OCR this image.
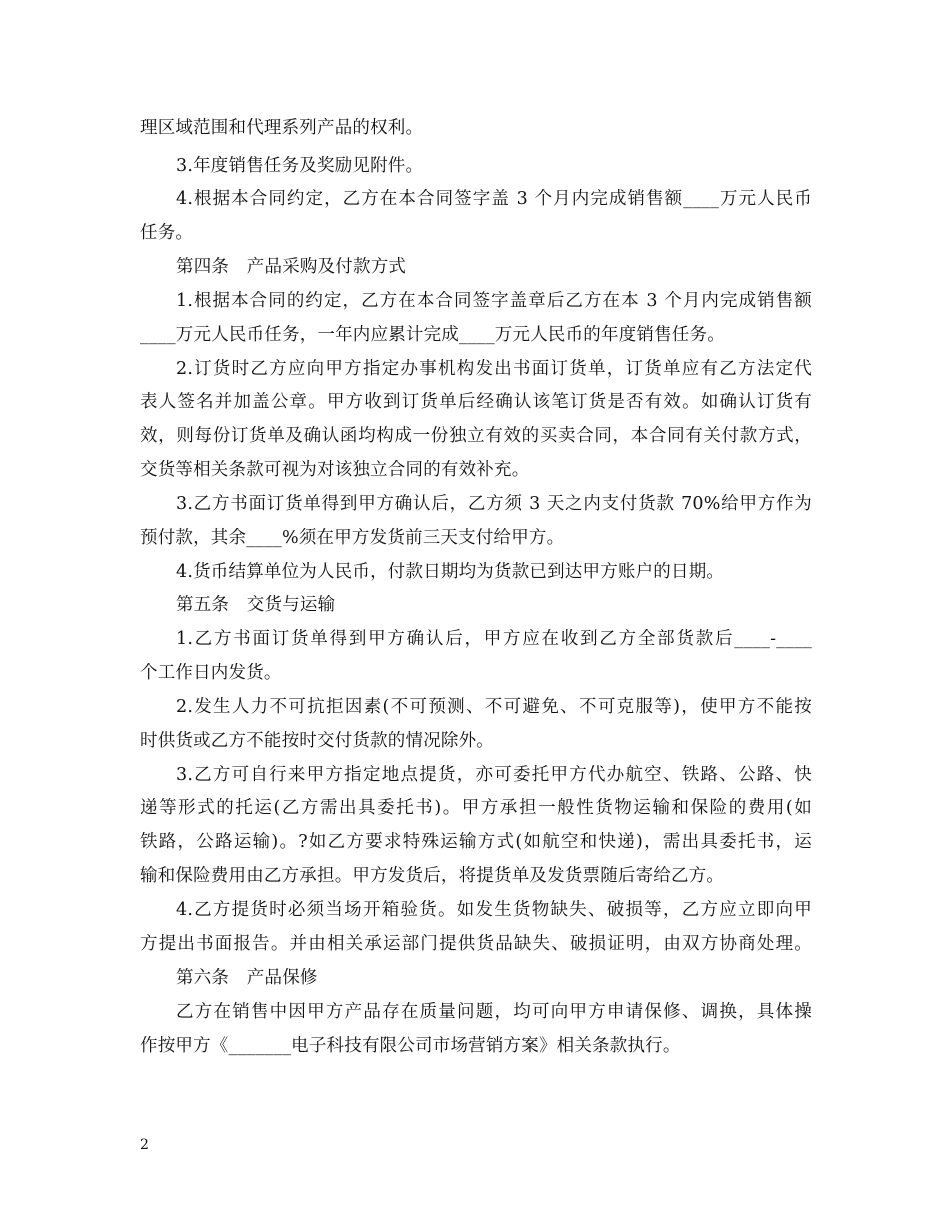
理区域范围和代理系列产品的权利。
3.年度销售任务及奖励见附件。
4.根据本合同约定，乙方在本合同签字盖 3 个月内完成销售额____万元人民币
任务。
第四条　产品采购及付款方式
1.根据本合同的约定，乙方在本合同签字盖章后乙方在本 3 个月内完成销售额
____万元人民币任务，一年内应累计完成____万元人民币的年度销售任务。
2.订货时乙方应向甲方指定办事机构发出书面订货单，订货单应有乙方法定代
表人签名并加盖公章。甲方收到订货单后经确认该笔订货是否有效。如确认订货有
效，则每份订货单及确认函均构成一份独立有效的买卖合同，本合同有关付款方式，
交货等相关条款可视为对该独立合同的有效补充。
3.乙方书面订货单得到甲方确认后，乙方须 3 天之内支付货款 70%给甲方作为
预付款，其余____%须在甲方发货前三天支付给甲方。
4.货币结算单位为人民币，付款日期均为货款已到达甲方账户的日期。
第五条　交货与运输
1.乙方书面订货单得到甲方确认后，甲方应在收到乙方全部货款后____-____
个工作日内发货。
2.发生人力不可抗拒因素(不可预测、不可避免、不可克服等)，使甲方不能按
时供货或乙方不能按时交付货款的情况除外。
3.乙方可自行来甲方指定地点提货，亦可委托甲方代办航空、铁路、公路、快
递等形式的托运(乙方需出具委托书)。甲方承担一般性货物运输和保险的费用(如
铁路，公路运输)。?如乙方要求特殊运输方式(如航空和快递)，需出具委托书，运
输和保险费用由乙方承担。甲方发货后，将提货单及发货票随后寄给乙方。
4.乙方提货时必须当场开箱验货。如发生货物缺失、破损等，乙方应立即向甲
方提出书面报告。并由相关承运部门提供货品缺失、破损证明，由双方协商处理。
第六条　产品保修
乙方在销售中因甲方产品存在质量问题，均可向甲方申请保修、调换，具体操
作按甲方《_______电子科技有限公司市场营销方案》相关条款执行。
2
